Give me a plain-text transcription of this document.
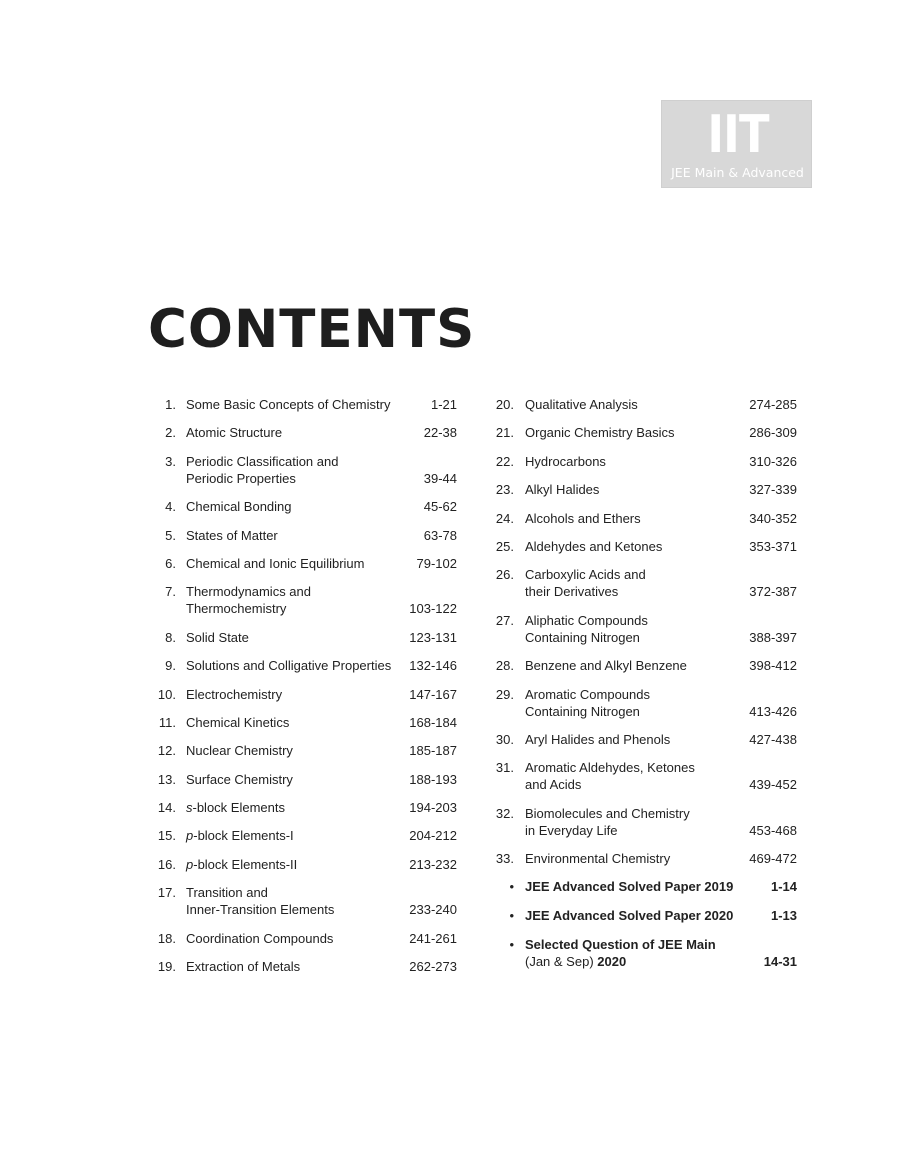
IIT JEE
JEE Main & Advanced
CONTENTS
1. Some Basic Concepts of Chemistry	1-21
2. Atomic Structure	22-38
3. Periodic Classification and
Periodic Properties	39-44
4. Chemical Bonding	45-62
5. States of Matter	63-78
6. Chemical and Ionic Equilibrium	79-102
7. Thermodynamics and
Thermochemistry	103-122
8. Solid State	123-131
9. Solutions and Colligative Properties	132-146
10. Electrochemistry	147-167
11. Chemical Kinetics	168-184
12. Nuclear Chemistry	185-187
13. Surface Chemistry	188-193
14. s-block Elements	194-203
15. p-block Elements-I	204-212
16. p-block Elements-II	213-232
17. Transition and
Inner-Transition Elements	233-240
18. Coordination Compounds	241-261
19. Extraction of Metals	262-273
20. Qualitative Analysis	274-285
21. Organic Chemistry Basics	286-309
22. Hydrocarbons	310-326
23. Alkyl Halides	327-339
24. Alcohols and Ethers	340-352
25. Aldehydes and Ketones	353-371
26. Carboxylic Acids and
their Derivatives	372-387
27. Aliphatic Compounds
Containing Nitrogen	388-397
28. Benzene and Alkyl Benzene	398-412
29. Aromatic Compounds
Containing Nitrogen	413-426
30. Aryl Halides and Phenols	427-438
31. Aromatic Aldehydes, Ketones
and Acids	439-452
32. Biomolecules and Chemistry
in Everyday Life	453-468
33. Environmental Chemistry	469-472
• JEE Advanced Solved Paper 2019	1-14
• JEE Advanced Solved Paper 2020	1-13
• Selected Question of JEE Main
(Jan & Sep) 2020	14-31
